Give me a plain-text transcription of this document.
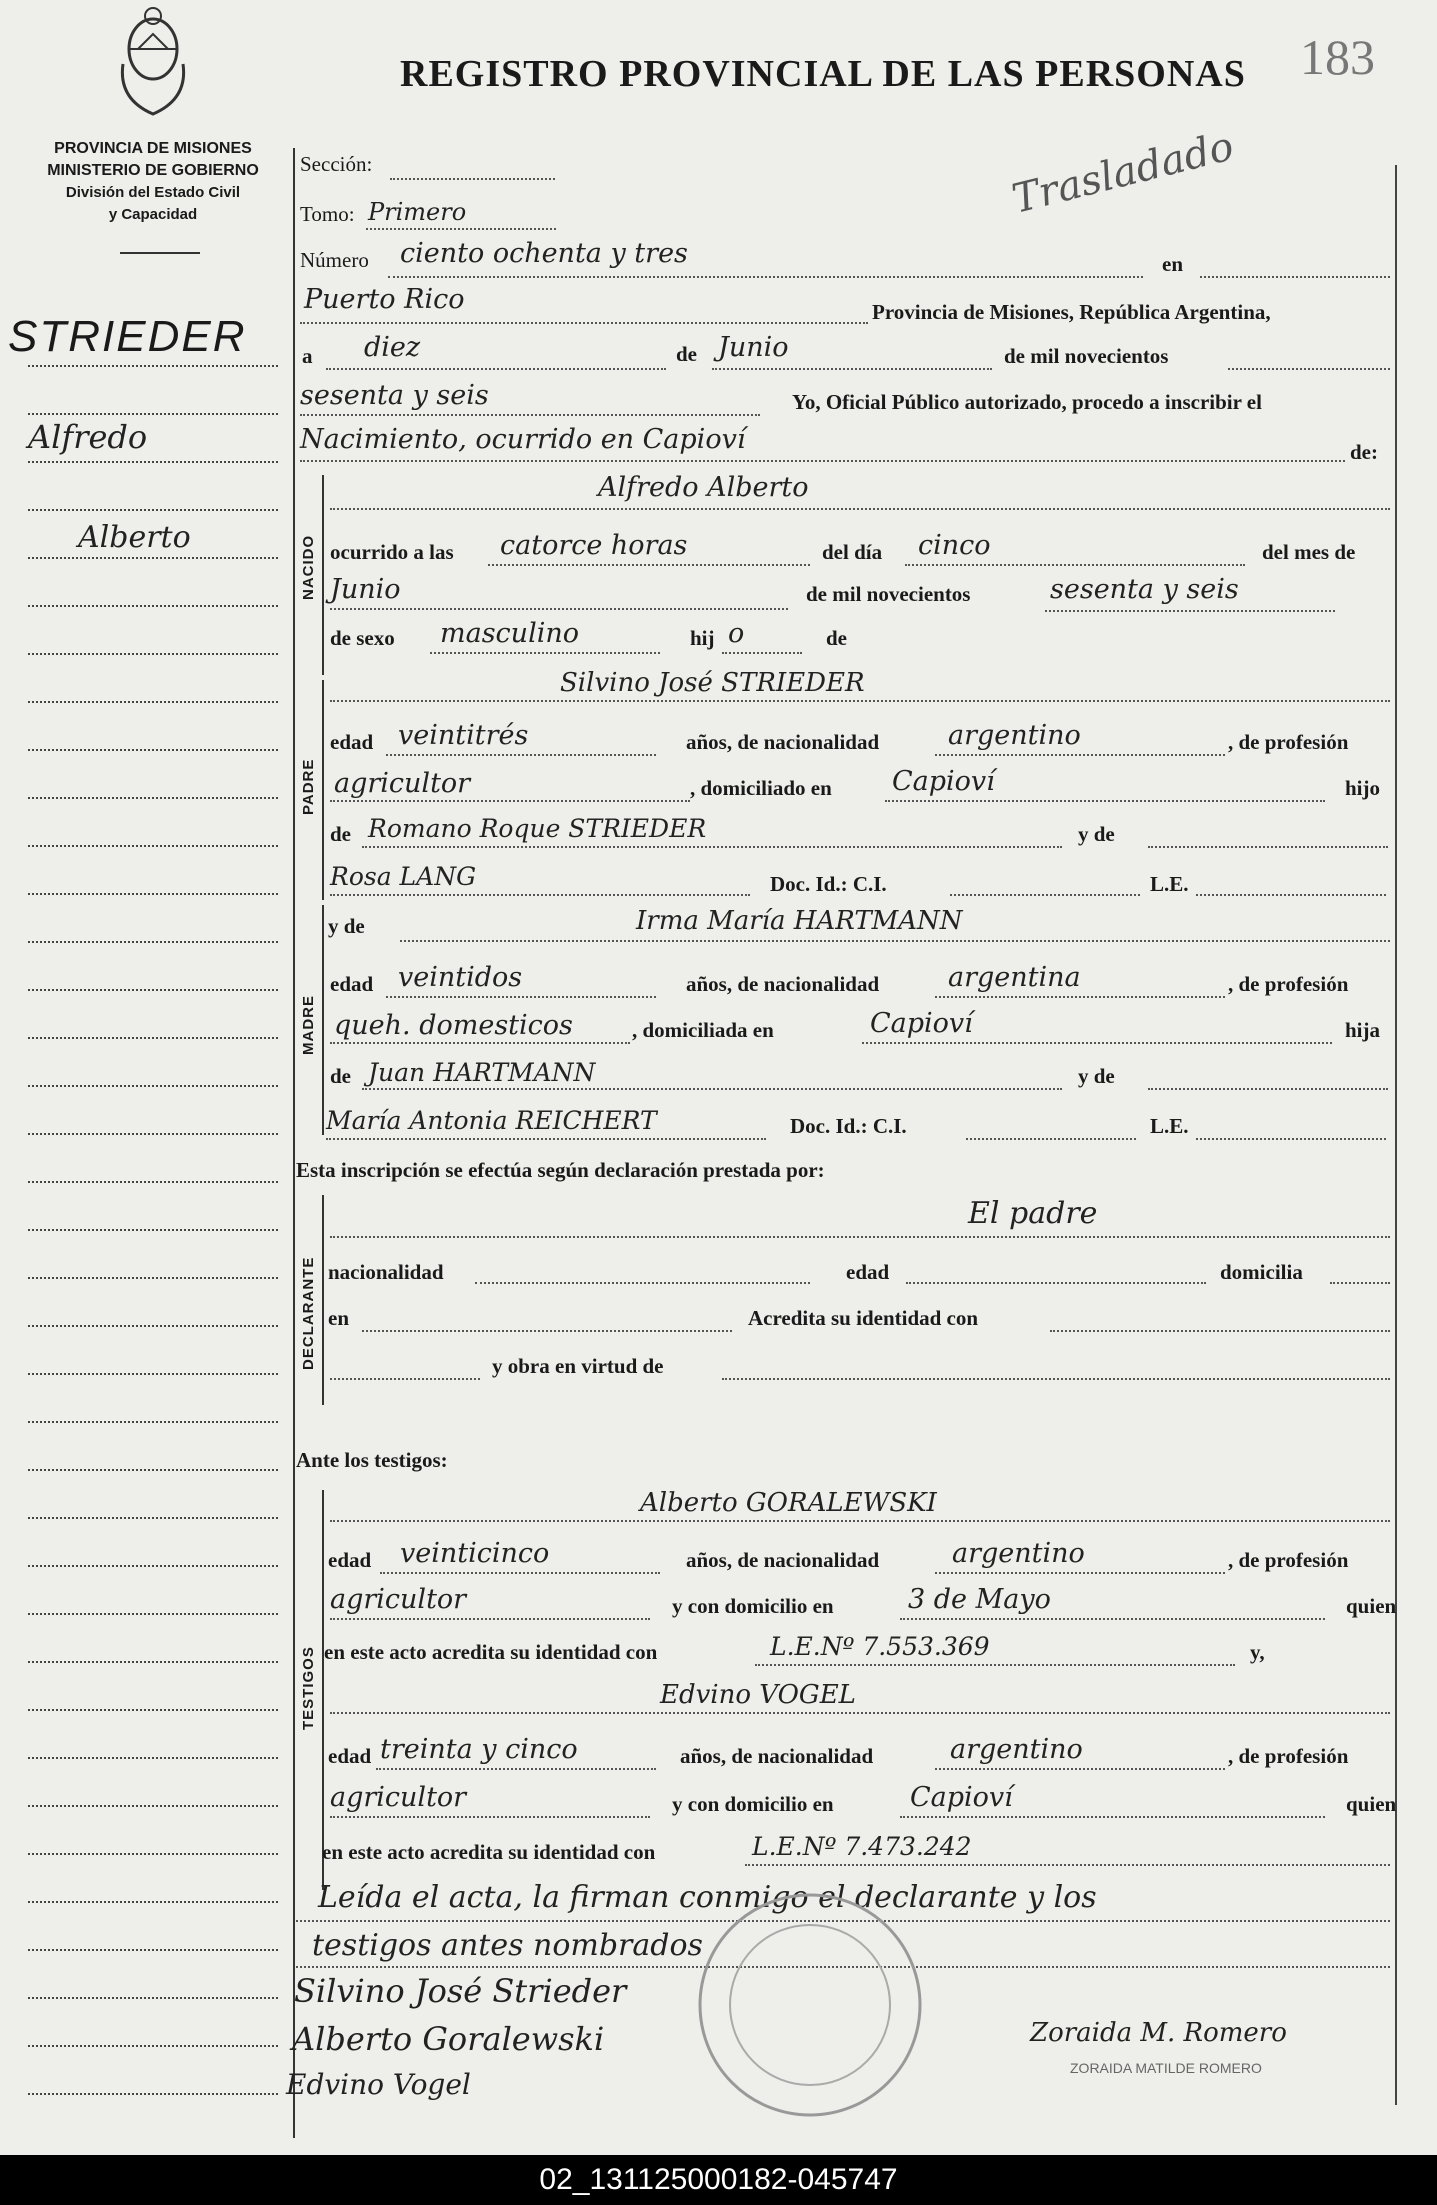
PROVINCIA DE MISIONES
MINISTERIO DE GOBIERNO
División del Estado Civil
y Capacidad
REGISTRO PROVINCIAL DE LAS PERSONAS 183
Trasladado
STRIEDER
Alfredo
Alberto
Sección:
Tomo: Primero
Número ciento ochenta y tres	en
Puerto Rico	Provincia de Misiones, República Argentina,
a diez	de Junio	de mil novecientos
sesenta y seis	Yo, Oficial Público autorizado, procedo a inscribir el
Nacimiento, ocurrido en Capioví	de:
NACIDO
Alfredo Alberto
ocurrido a las catorce horas	del día cinco	del mes de
Junio	de mil novecientos	sesenta y seis
de sexo masculino	hij o	de
PADRE
Silvino José STRIEDER
edad veintitrés	años, de nacionalidad	argentino	, de profesión
agricultor	, domiciliado en Capioví	hijo
de Romano Roque STRIEDER	y de
Rosa LANG	Doc. Id.: C.I.	L.E.
MADRE
y de	Irma María HARTMANN
edad veintidos	años, de nacionalidad	argentina	, de profesión
queh. domesticos	, domiciliada en	Capioví	hija
de Juan HARTMANN	y de
María Antonia REICHERT	Doc. Id.: C.I.	L.E.
Esta inscripción se efectúa según declaración prestada por:
DECLARANTE
El padre
nacionalidad	edad	domicilia
en	Acredita su identidad con
y obra en virtud de
Ante los testigos:
TESTIGOS
Alberto GORALEWSKI
edad veinticinco	años, de nacionalidad	argentino	, de profesión
agricultor	y con domicilio en	3 de Mayo	quien
en este acto acredita su identidad con	L.E.Nº 7.553.369	y,
Edvino VOGEL
edad treinta y cinco	años, de nacionalidad	argentino	, de profesión
agricultor	y con domicilio en	Capioví	quien
en este acto acredita su identidad con	L.E.Nº 7.473.242
Leída el acta, la firman conmigo el declarante y los
testigos antes nombrados
Silvino José Strieder
Alberto Goralewski
Edvino Vogel
Zoraida M. Romero
ZORAIDA MATILDE ROMERO
02_131125000182-045747
